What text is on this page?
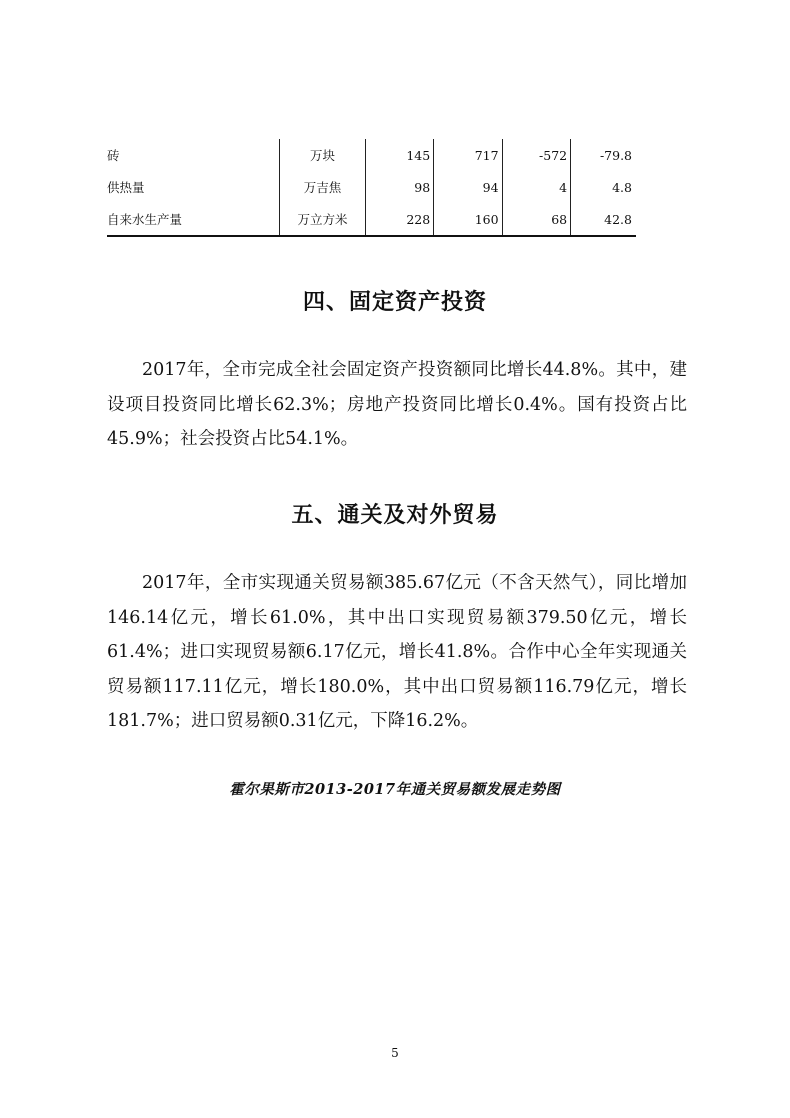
砖	万块	145	717	-572	-79.8
供热量	万吉焦	98	94	4	4.8
自来水生产量	万立方米	228	160	68	42.8
四、固定资产投资

2017年，全市完成全社会固定资产投资额同比增长44.8%。其中，建设项目投资同比增长62.3%；房地产投资同比增长0.4%。国有投资占比45.9%；社会投资占比54.1%。

五、通关及对外贸易

2017年，全市实现通关贸易额385.67亿元（不含天然气），同比增加146.14亿元，增长61.0%，其中出口实现贸易额379.50亿元，增长61.4%；进口实现贸易额6.17亿元，增长41.8%。合作中心全年实现通关贸易额117.11亿元，增长180.0%，其中出口贸易额116.79亿元，增长181.7%；进口贸易额0.31亿元，下降16.2%。

霍尔果斯市2013-2017年通关贸易额发展走势图
5
